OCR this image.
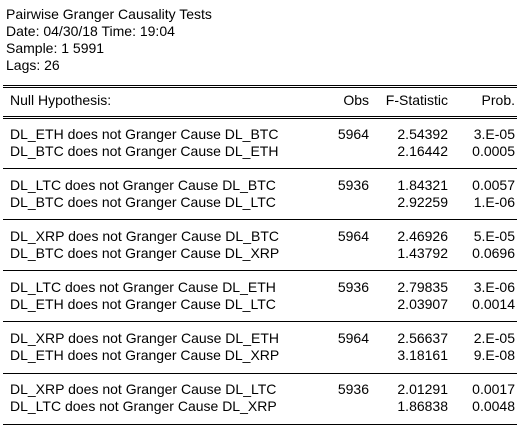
Pairwise Granger Causality Tests
Date: 04/30/18 Time: 19:04
Sample: 1 5991
Lags: 26
Null Hypothesis:	Obs	F-Statistic	Prob.
DL_ETH does not Granger Cause DL_BTC	5964	2.54392	3.E-05
DL_BTC does not Granger Cause DL_ETH	2.16442	0.0005
DL_LTC does not Granger Cause DL_BTC	5936	1.84321	0.0057
DL_BTC does not Granger Cause DL_LTC	2.92259	1.E-06
DL_XRP does not Granger Cause DL_BTC	5964	2.46926	5.E-05
DL_BTC does not Granger Cause DL_XRP	1.43792	0.0696
DL_LTC does not Granger Cause DL_ETH	5936	2.79835	3.E-06
DL_ETH does not Granger Cause DL_LTC	2.03907	0.0014
DL_XRP does not Granger Cause DL_ETH	5964	2.56637	2.E-05
DL_ETH does not Granger Cause DL_XRP	3.18161	9.E-08
DL_XRP does not Granger Cause DL_LTC	5936	2.01291	0.0017
DL_LTC does not Granger Cause DL_XRP	1.86838	0.0048
